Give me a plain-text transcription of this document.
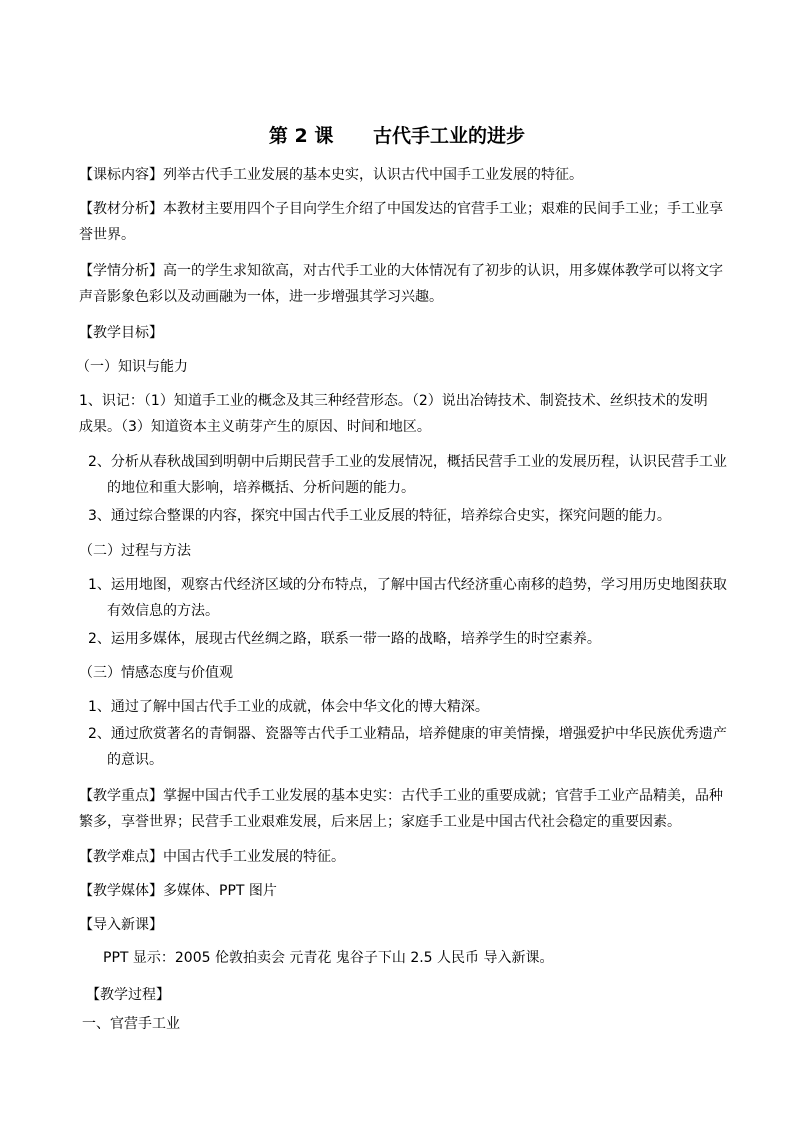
第 2 课      古代手工业的进步
【课标内容】列举古代手工业发展的基本史实，认识古代中国手工业发展的特征。
【教材分析】本教材主要用四个子目向学生介绍了中国发达的官营手工业；艰难的民间手工业；手工业享
誉世界。
【学情分析】高一的学生求知欲高，对古代手工业的大体情况有了初步的认识，用多媒体教学可以将文字
声音影象色彩以及动画融为一体，进一步增强其学习兴趣。
【教学目标】
（一）知识与能力
1、识记：（1）知道手工业的概念及其三种经营形态。（2）说出冶铸技术、制瓷技术、丝织技术的发明
成果。（3）知道资本主义萌芽产生的原因、时间和地区。
2、分析从春秋战国到明朝中后期民营手工业的发展情况，概括民营手工业的发展历程，认识民营手工业
的地位和重大影响，培养概括、分析问题的能力。
3、通过综合整课的内容，探究中国古代手工业反展的特征，培养综合史实，探究问题的能力。
（二）过程与方法
1、运用地图，观察古代经济区域的分布特点，了解中国古代经济重心南移的趋势，学习用历史地图获取
有效信息的方法。
2、运用多媒体，展现古代丝绸之路，联系一带一路的战略，培养学生的时空素养。
（三）情感态度与价值观
1、通过了解中国古代手工业的成就，体会中华文化的博大精深。
2、通过欣赏著名的青铜器、瓷器等古代手工业精品，培养健康的审美情操，增强爱护中华民族优秀遗产
的意识。
【教学重点】掌握中国古代手工业发展的基本史实：古代手工业的重要成就；官营手工业产品精美，品种
繁多，享誉世界；民营手工业艰难发展，后来居上；家庭手工业是中国古代社会稳定的重要因素。
【教学难点】中国古代手工业发展的特征。
【教学媒体】多媒体、PPT 图片
【导入新课】
PPT 显示：2005 伦敦拍卖会 元青花 鬼谷子下山 2.5 人民币 导入新课。
【教学过程】
一、官营手工业
